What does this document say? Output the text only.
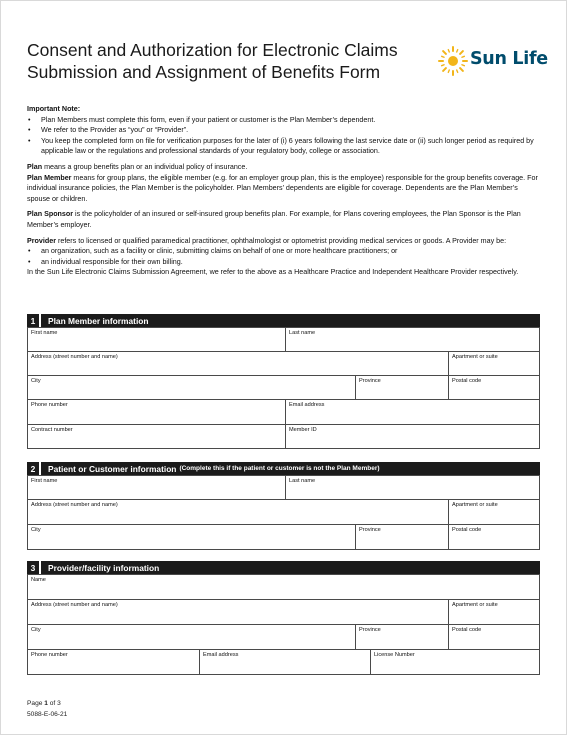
Consent and Authorization for Electronic Claims
Submission and Assignment of Benefits Form
Sun Life

Important Note:

• Plan Members must complete this form, even if your patient or customer is the Plan Member’s dependent.

• We refer to the Provider as “you” or “Provider”.

• You keep the completed form on file for verification purposes for the later of (i) 6 years following the last service date or (ii) such longer period as required by applicable law or the regulations and professional standards of your regulatory body, college or association.

Plan means a group benefits plan or an individual policy of insurance.

Plan Member means for group plans, the eligible member (e.g. for an employer group plan, this is the employee) responsible for the group benefits coverage. For individual insurance policies, the Plan Member is the policyholder. Plan Members’ dependents are eligible for coverage. Dependents are the Plan Member’s spouse or children.

Plan Sponsor is the policyholder of an insured or self-insured group benefits plan. For example, for Plans covering employees, the Plan Sponsor is the Plan Member’s employer.

Provider refers to licensed or qualified paramedical practitioner, ophthalmologist or optometrist providing medical services or goods. A Provider may be:

• an organization, such as a facility or clinic, submitting claims on behalf of one or more healthcare practitioners; or

• an individual responsible for their own billing.

In the Sun Life Electronic Claims Submission Agreement, we refer to the above as a Healthcare Practice and Independent Healthcare Provider respectively.

1	Plan Member information
First name	Last name
Address (street number and name)	Apartment or suite
City	Province	Postal code
Phone number	Email address
Contract number	Member ID
2	Patient or Customer information (Complete this if the patient or customer is not the Plan Member)
First name	Last name
Address (street number and name)	Apartment or suite
City	Province	Postal code
3	Provider/facility information
Name
Address (street number and name)	Apartment or suite
City	Province	Postal code
Phone number	Email address	License Number
Page 1 of 3
5088-E-06-21
